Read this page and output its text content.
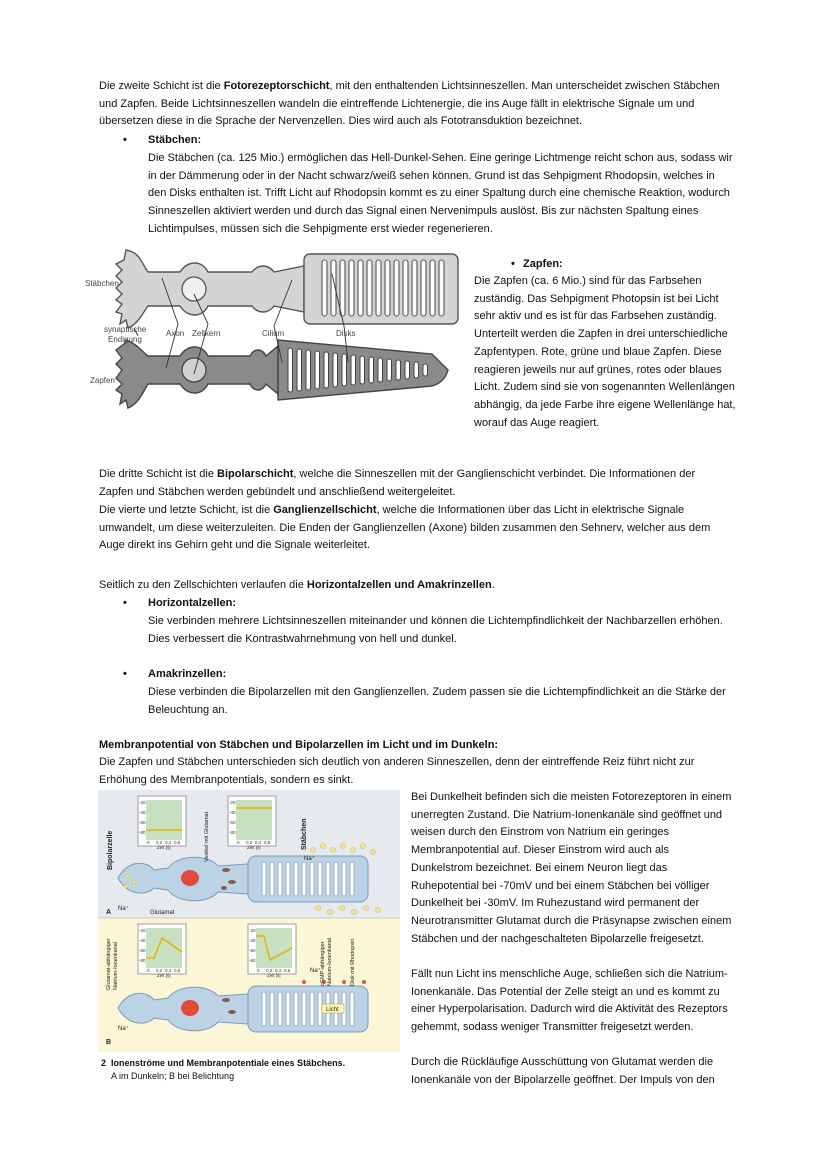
Die zweite Schicht ist die Fotorezeptorschicht, mit den enthaltenden Lichtsinneszellen. Man unterscheidet zwischen Stäbchen und Zapfen. Beide Lichtsinneszellen wandeln die eintreffende Lichtenergie, die ins Auge fällt in elektrische Signale um und übersetzen diese in die Sprache der Nervenzellen. Dies wird auch als Fototransduktion bezeichnet.

• Stäbchen:

Die Stäbchen (ca. 125 Mio.) ermöglichen das Hell-Dunkel-Sehen. Eine geringe Lichtmenge reicht schon aus, sodass wir in der Dämmerung oder in der Nacht schwarz/weiß sehen können. Grund ist das Sehpigment Rhodopsin, welches in den Disks enthalten ist. Trifft Licht auf Rhodopsin kommt es zu einer Spaltung durch eine chemische Reaktion, wodurch Sinneszellen aktiviert werden und durch das Signal einen Nervenimpuls auslöst. Bis zur nächsten Spaltung eines Lichtimpulses, müssen sich die Sehpigmente erst wieder regenerieren.

Stäbchen
synaptische
Endigung
Zapfen
Axon Zellkern	Cilium	Disks
• Zapfen:

Die Zapfen (ca. 6 Mio.) sind für das Farbsehen zuständig. Das Sehpigment Photopsin ist bei Licht sehr aktiv und es ist für das Farbsehen zuständig. Unterteilt werden die Zapfen in drei unterschiedliche Zapfentypen. Rote, grüne und blaue Zapfen. Diese reagieren jeweils nur auf grünes, rotes oder blaues Licht. Zudem sind sie von sogenannten Wellenlängen abhängig, da jede Farbe ihre eigene Wellenlänge hat, worauf das Auge reagiert.

Die dritte Schicht ist die Bipolarschicht, welche die Sinneszellen mit der Ganglienschicht verbindet. Die Informationen der Zapfen und Stäbchen werden gebündelt und anschließend weitergeleitet.

Die vierte und letzte Schicht, ist die Ganglienzellschicht, welche die Informationen über das Licht in elektrische Signale umwandelt, um diese weiterzuleiten. Die Enden der Ganglienzellen (Axone) bilden zusammen den Sehnerv, welcher aus dem Auge direkt ins Gehirn geht und die Signale weiterleitet.

Seitlich zu den Zellschichten verlaufen die Horizontalzellen und Amakrinzellen.

• Horizontalzellen:

Sie verbinden mehrere Lichtsinneszellen miteinander und können die Lichtempfindlichkeit der Nachbarzellen erhöhen. Dies verbessert die Kontrastwahrnehmung von hell und dunkel.

• Amakrinzellen:

Diese verbinden die Bipolarzellen mit den Ganglienzellen. Zudem passen sie die Lichtempfindlichkeit an die Stärke der Beleuchtung an.

Membranpotential von Stäbchen und Bipolarzellen im Licht und im Dunkeln:

Die Zapfen und Stäbchen unterschieden sich deutlich von anderen Sinneszellen, denn der eintreffende Reiz führt nicht zur Erhöhung des Membranpotentials, sondern es sinkt.

-20
-40
-60
-80
0 0,2 0,4 0,6
-20
-40
-60
-80
0 0,2 0,4 0,6
-20
-40
-60
-80
0 0,2 0,4 0,6
-20
-40
-60
-80
0 0,2 0,4 0,6
Zeit [s]	Zeit [s]
Zeit [s]	Zeit [s]
Bipolarzelle	Stäbchen
Vesikel mit Glutamat	Na⁺
A Na⁺
Glutamat
Glutamat-abhängiger Natrium-Ionenkanal	cGMP-abhängiger Natrium-Ionenkanal	Disk mit Rhodopsin
Na⁺
Licht
Na⁺
B

2 Ionenströme und Membranpotentiale eines Stäbchens.

A im Dunkeln; B bei Belichtung

Bei Dunkelheit befinden sich die meisten Fotorezeptoren in einem unerregten Zustand. Die Natrium-Ionenkanäle sind geöffnet und weisen durch den Einstrom von Natrium ein geringes Membranpotential auf. Dieser Einstrom wird auch als Dunkelstrom bezeichnet. Bei einem Neuron liegt das Ruhepotential bei -70mV und bei einem Stäbchen bei völliger Dunkelheit bei -30mV. Im Ruhezustand wird permanent der Neurotransmitter Glutamat durch die Präsynapse zwischen einem Stäbchen und der nachgeschalteten Bipolarzelle freigesetzt.

Fällt nun Licht ins menschliche Auge, schließen sich die Natrium-Ionenkanäle. Das Potential der Zelle steigt an und es kommt zu einer Hyperpolarisation. Dadurch wird die Aktivität des Rezeptors gehemmt, sodass weniger Transmitter freigesetzt werden.

Durch die Rückläufige Ausschüttung von Glutamat werden die Ionenkanäle von der Bipolarzelle geöffnet. Der Impuls von den
